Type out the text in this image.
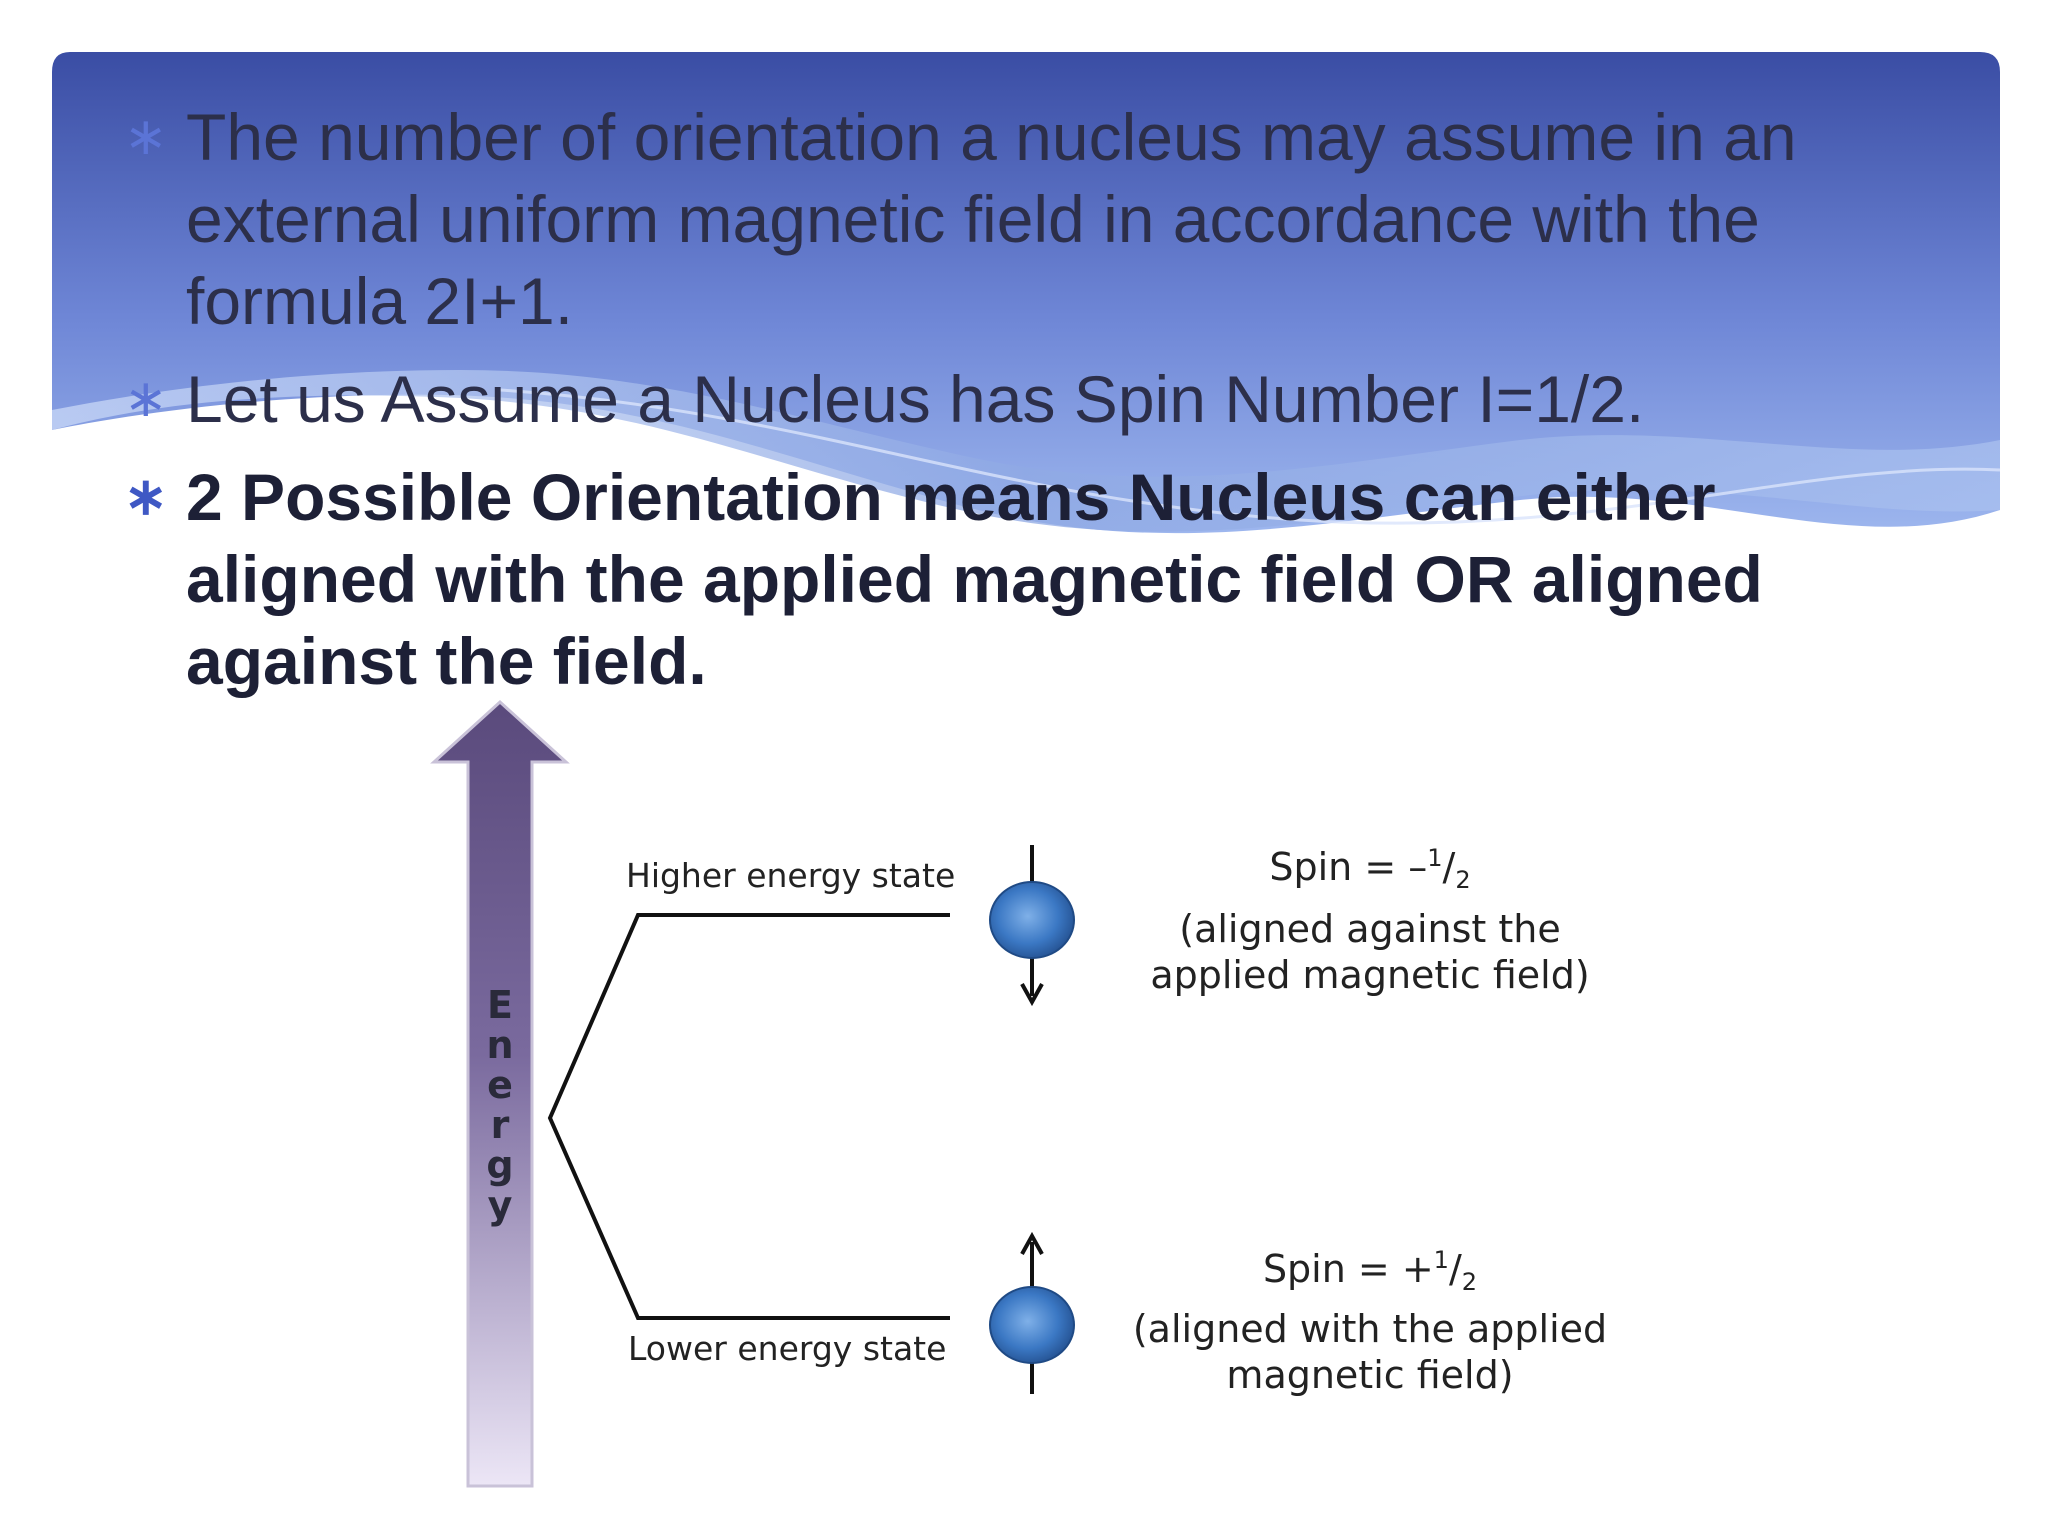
∗ The number of orientation a nucleus may assume in an external uniform magnetic field in accordance with the formula 2I+1.
∗ Let us Assume a Nucleus has Spin Number I=1/2.
∗ 2 Possible Orientation means Nucleus can either aligned with the applied magnetic field OR aligned against the field.
E
n
e
r
g
y
Higher energy state
Lower energy state
Spin = $-^1/_2$
(aligned against the
applied magnetic field)
Spin = $+^1/_2$
(aligned with the applied
magnetic field)
